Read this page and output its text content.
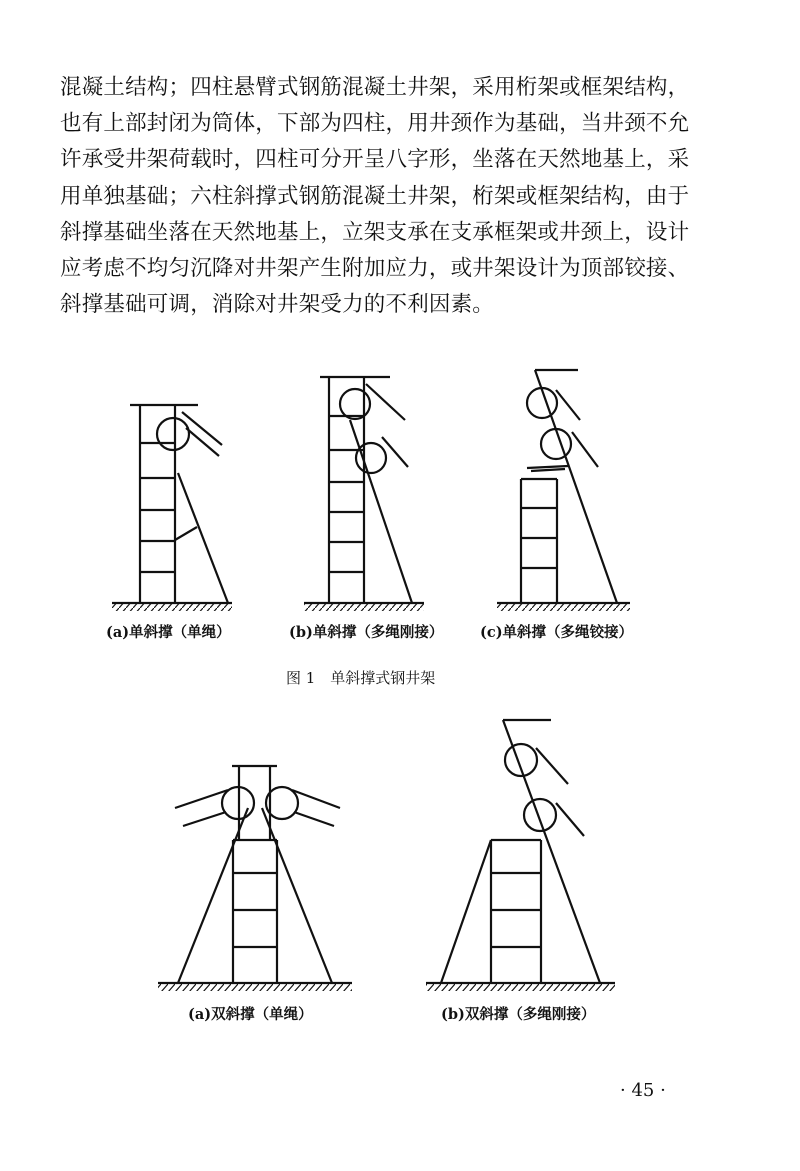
混凝土结构；四柱悬臂式钢筋混凝土井架，采用桁架或框架结构，
也有上部封闭为筒体，下部为四柱，用井颈作为基础，当井颈不允
许承受井架荷载时，四柱可分开呈八字形，坐落在天然地基上，采
用单独基础；六柱斜撑式钢筋混凝土井架，桁架或框架结构，由于
斜撑基础坐落在天然地基上，立架支承在支承框架或井颈上，设计
应考虑不均匀沉降对井架产生附加应力，或井架设计为顶部铰接、
斜撑基础可调，消除对井架受力的不利因素。
(a)单斜撑（单绳）	(b)单斜撑（多绳刚接）	(c)单斜撑（多绳铰接）
图 1　单斜撑式钢井架
(a)双斜撑（单绳）	(b)双斜撑（多绳刚接）
· 45 ·
